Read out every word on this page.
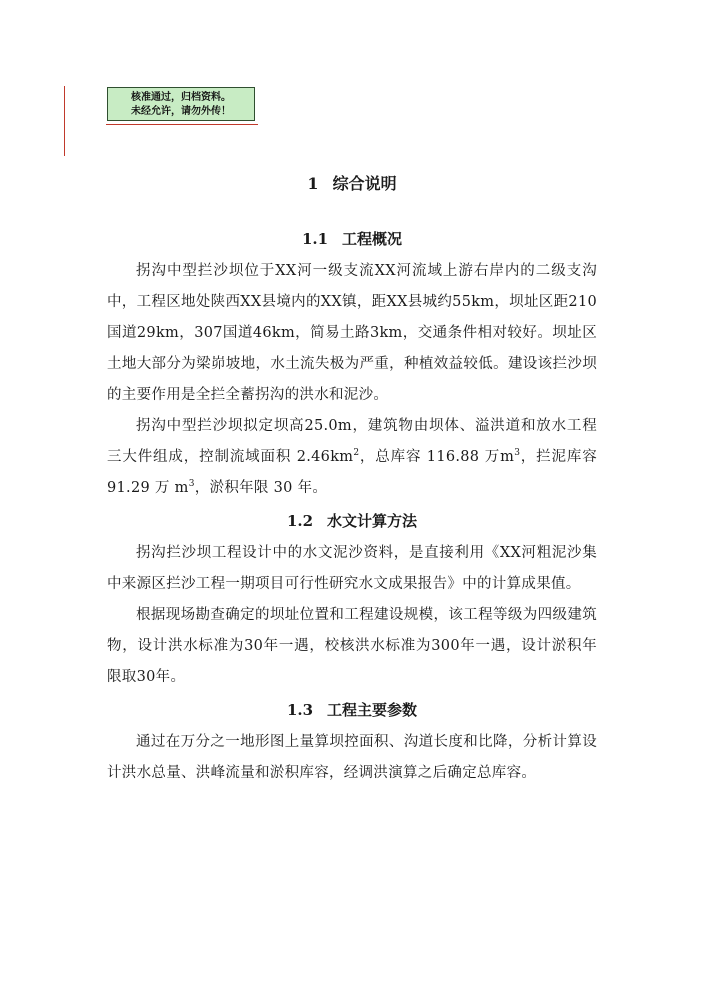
核准通过，归档资料。
未经允许，请勿外传！
1 综合说明
1.1 工程概况

拐沟中型拦沙坝位于XX河一级支流XX河流域上游右岸内的二级支沟中，工程区地处陕西XX县境内的XX镇，距XX县城约55km，坝址区距210国道29km，307国道46km，简易土路3km，交通条件相对较好。坝址区土地大部分为梁峁坡地，水土流失极为严重，种植效益较低。建设该拦沙坝的主要作用是全拦全蓄拐沟的洪水和泥沙。

拐沟中型拦沙坝拟定坝高25.0m，建筑物由坝体、溢洪道和放水工程三大件组成，控制流域面积 $2.46km^2$，总库容 116.88 万$m^3$，拦泥库容 91.29 万 $m^3$，淤积年限 30 年。

1.2 水文计算方法

拐沟拦沙坝工程设计中的水文泥沙资料，是直接利用《XX河粗泥沙集中来源区拦沙工程一期项目可行性研究水文成果报告》中的计算成果值。

根据现场勘查确定的坝址位置和工程建设规模，该工程等级为四级建筑物，设计洪水标准为30年一遇，校核洪水标准为300年一遇，设计淤积年限取30年。

1.3 工程主要参数

通过在万分之一地形图上量算坝控面积、沟道长度和比降，分析计算设计洪水总量、洪峰流量和淤积库容，经调洪演算之后确定总库容。
